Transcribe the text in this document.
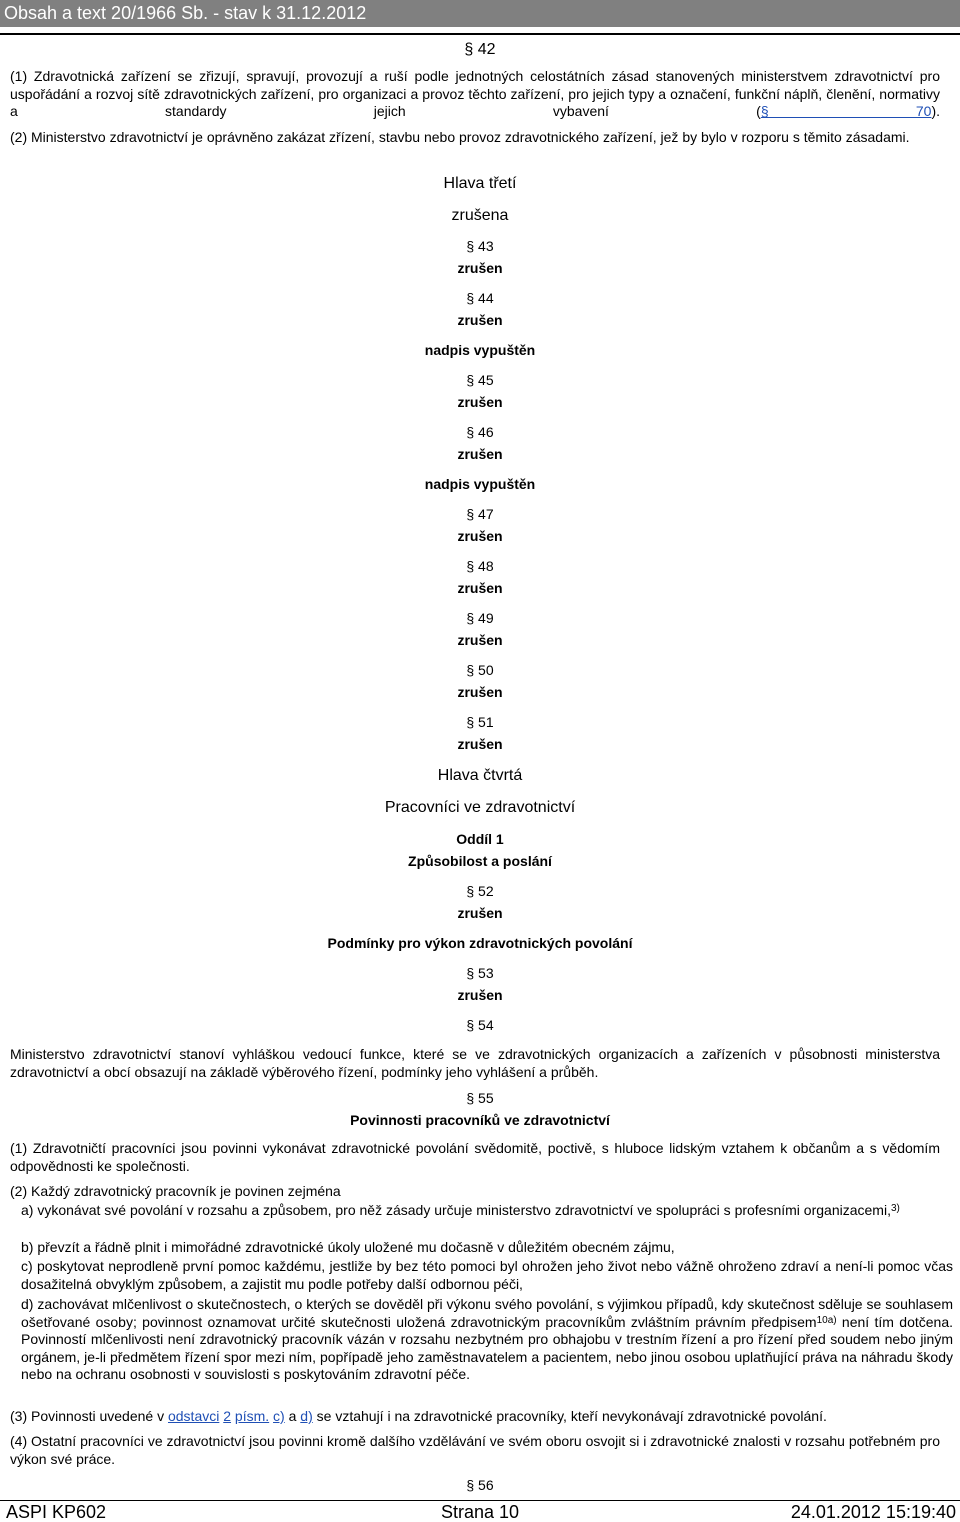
Obsah a text 20/1966 Sb. - stav k 31.12.2012
§ 42
(1) Zdravotnická zařízení se zřizují, spravují, provozují a ruší podle jednotných celostátních zásad stanovených ministerstvem zdravotnictví pro uspořádání a rozvoj sítě zdravotnických zařízení, pro organizaci a provoz těchto zařízení, pro jejich typy a označení, funkční náplň, členění, normativy a standardy jejich vybavení (§ 70).
(2) Ministerstvo zdravotnictví je oprávněno zakázat zřízení, stavbu nebo provoz zdravotnického zařízení, jež by bylo v rozporu s těmito zásadami.
Hlava třetí
zrušena
§ 43
zrušen
§ 44
zrušen
nadpis vypuštěn
§ 45
zrušen
§ 46
zrušen
nadpis vypuštěn
§ 47
zrušen
§ 48
zrušen
§ 49
zrušen
§ 50
zrušen
§ 51
zrušen
Hlava čtvrtá
Pracovníci ve zdravotnictví
Oddíl 1
Způsobilost a poslání
§ 52
zrušen
Podmínky pro výkon zdravotnických povolání
§ 53
zrušen
§ 54
Ministerstvo zdravotnictví stanoví vyhláškou vedoucí funkce, které se ve zdravotnických organizacích a zařízeních v působnosti ministerstva zdravotnictví a obcí obsazují na základě výběrového řízení, podmínky jeho vyhlášení a průběh.
§ 55
Povinnosti pracovníků ve zdravotnictví
(1) Zdravotničtí pracovníci jsou povinni vykonávat zdravotnické povolání svědomitě, poctivě, s hluboce lidským vztahem k občanům a s vědomím odpovědnosti ke společnosti.
(2) Každý zdravotnický pracovník je povinen zejména
a) vykonávat své povolání v rozsahu a způsobem, pro něž zásady určuje ministerstvo zdravotnictví ve spolupráci s profesními organizacemi,$^{3)}$
b) převzít a řádně plnit i mimořádné zdravotnické úkoly uložené mu dočasně v důležitém obecném zájmu,
c) poskytovat neprodleně první pomoc každému, jestliže by bez této pomoci byl ohrožen jeho život nebo vážně ohroženo zdraví a není-li pomoc včas dosažitelná obvyklým způsobem, a zajistit mu podle potřeby další odbornou péči,
d) zachovávat mlčenlivost o skutečnostech, o kterých se dověděl při výkonu svého povolání, s výjimkou případů, kdy skutečnost sděluje se souhlasem ošetřované osoby; povinnost oznamovat určité skutečnosti uložená zdravotnickým pracovníkům zvláštním právním předpisem$^{10a)}$ není tím dotčena. Povinností mlčenlivosti není zdravotnický pracovník vázán v rozsahu nezbytném pro obhajobu v trestním řízení a pro řízení před soudem nebo jiným orgánem, je-li předmětem řízení spor mezi ním, popřípadě jeho zaměstnavatelem a pacientem, nebo jinou osobou uplatňující práva na náhradu škody nebo na ochranu osobnosti v souvislosti s poskytováním zdravotní péče.
(3) Povinnosti uvedené v odstavci 2 písm. c) a d) se vztahují i na zdravotnické pracovníky, kteří nevykonávají zdravotnické povolání.
(4) Ostatní pracovníci ve zdravotnictví jsou povinni kromě dalšího vzdělávání ve svém oboru osvojit si i zdravotnické znalosti v rozsahu potřebném pro výkon své práce.
§ 56
ASPI KP602	Strana 10	24.01.2012 15:19:40
